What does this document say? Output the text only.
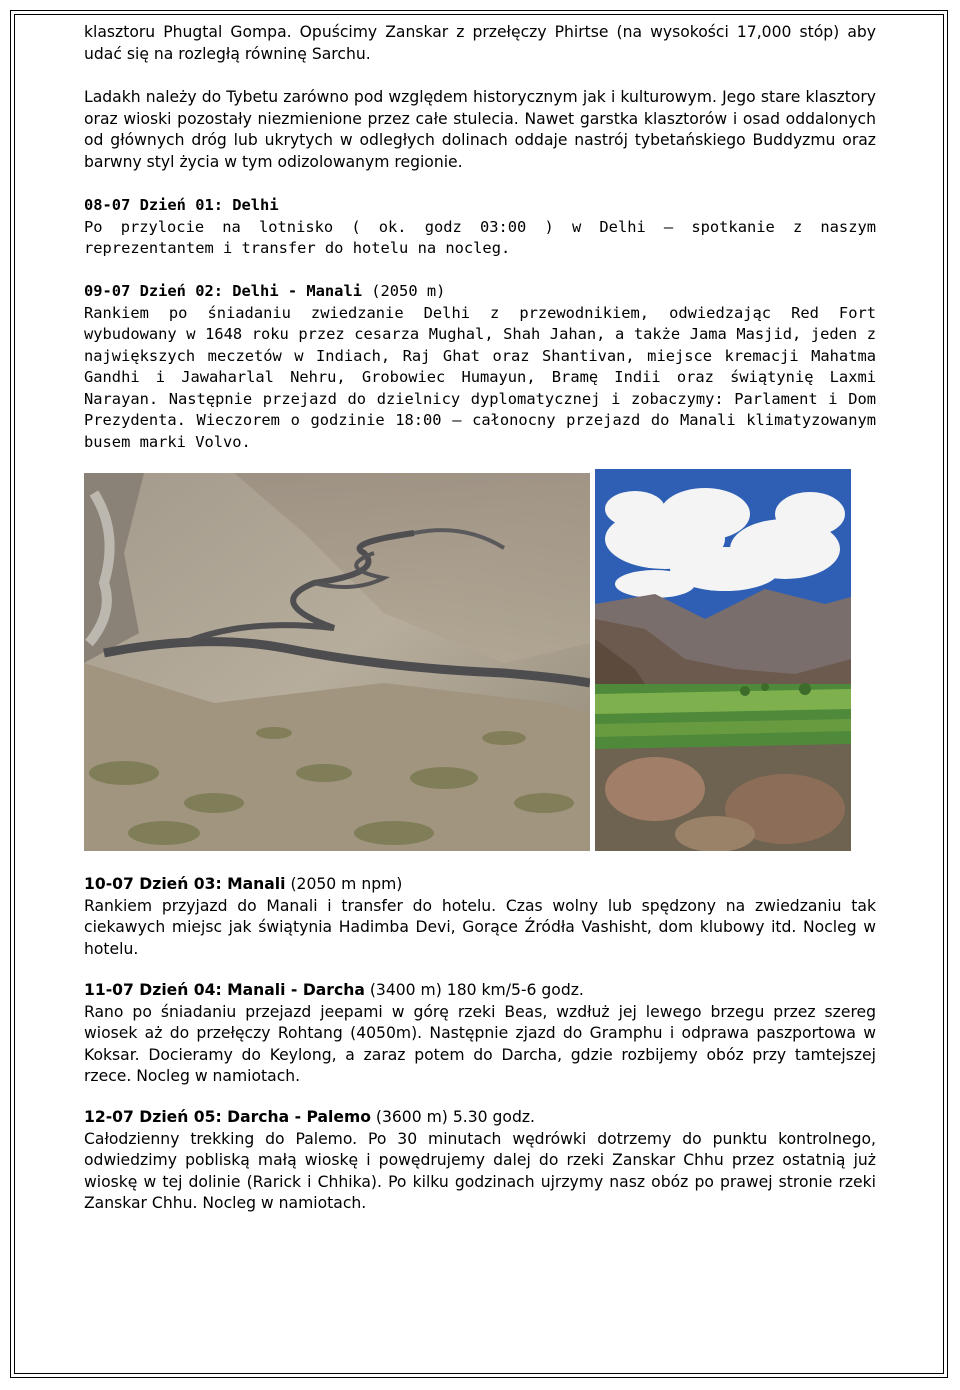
klasztoru Phugtal Gompa. Opuścimy Zanskar z przełęczy Phirtse (na wysokości 17,000 stóp) aby udać się na rozległą równinę Sarchu.

Ladakh należy do Tybetu zarówno pod względem historycznym jak i kulturowym. Jego stare klasztory oraz wioski pozostały niezmienione przez całe stulecia. Nawet garstka klasztorów i osad oddalonych od głównych dróg lub ukrytych w odległych dolinach oddaje nastrój tybetańskiego Buddyzmu oraz barwny styl życia w tym odizolowanym regionie.

08-07 Dzień 01: Delhi

Po przylocie na lotnisko ( ok. godz 03:00 ) w Delhi – spotkanie z naszym reprezentantem i transfer do hotelu na nocleg.

09-07 Dzień 02: Delhi - Manali (2050 m)

Rankiem po śniadaniu zwiedzanie Delhi z przewodnikiem, odwiedzając Red Fort wybudowany w 1648 roku przez cesarza Mughal, Shah Jahan, a także Jama Masjid, jeden z największych meczetów w Indiach, Raj Ghat oraz Shantivan, miejsce kremacji Mahatma Gandhi i Jawaharlal Nehru, Grobowiec Humayun, Bramę Indii oraz świątynię Laxmi Narayan. Następnie przejazd do dzielnicy dyplomatycznej i zobaczymy: Parlament i Dom Prezydenta. Wieczorem o godzinie 18:00 – całonocny przejazd do Manali klimatyzowanym busem marki Volvo.

10-07 Dzień 03: Manali (2050 m npm)

Rankiem przyjazd do Manali i transfer do hotelu. Czas wolny lub spędzony na zwiedzaniu tak ciekawych miejsc jak świątynia Hadimba Devi, Gorące Źródła Vashisht, dom klubowy itd. Nocleg w hotelu.

11-07 Dzień 04: Manali - Darcha (3400 m) 180 km/5-6 godz.

Rano po śniadaniu przejazd jeepami w górę rzeki Beas, wzdłuż jej lewego brzegu przez szereg wiosek aż do przełęczy Rohtang (4050m). Następnie zjazd do Gramphu i odprawa paszportowa w Koksar. Docieramy do Keylong, a zaraz potem do Darcha, gdzie rozbijemy obóz przy tamtejszej rzece. Nocleg w namiotach.

12-07 Dzień 05: Darcha - Palemo (3600 m) 5.30 godz.

Całodzienny trekking do Palemo. Po 30 minutach wędrówki dotrzemy do punktu kontrolnego, odwiedzimy pobliską małą wioskę i powędrujemy dalej do rzeki Zanskar Chhu przez ostatnią już wioskę w tej dolinie (Rarick i Chhika). Po kilku godzinach ujrzymy nasz obóz po prawej stronie rzeki Zanskar Chhu. Nocleg w namiotach.
